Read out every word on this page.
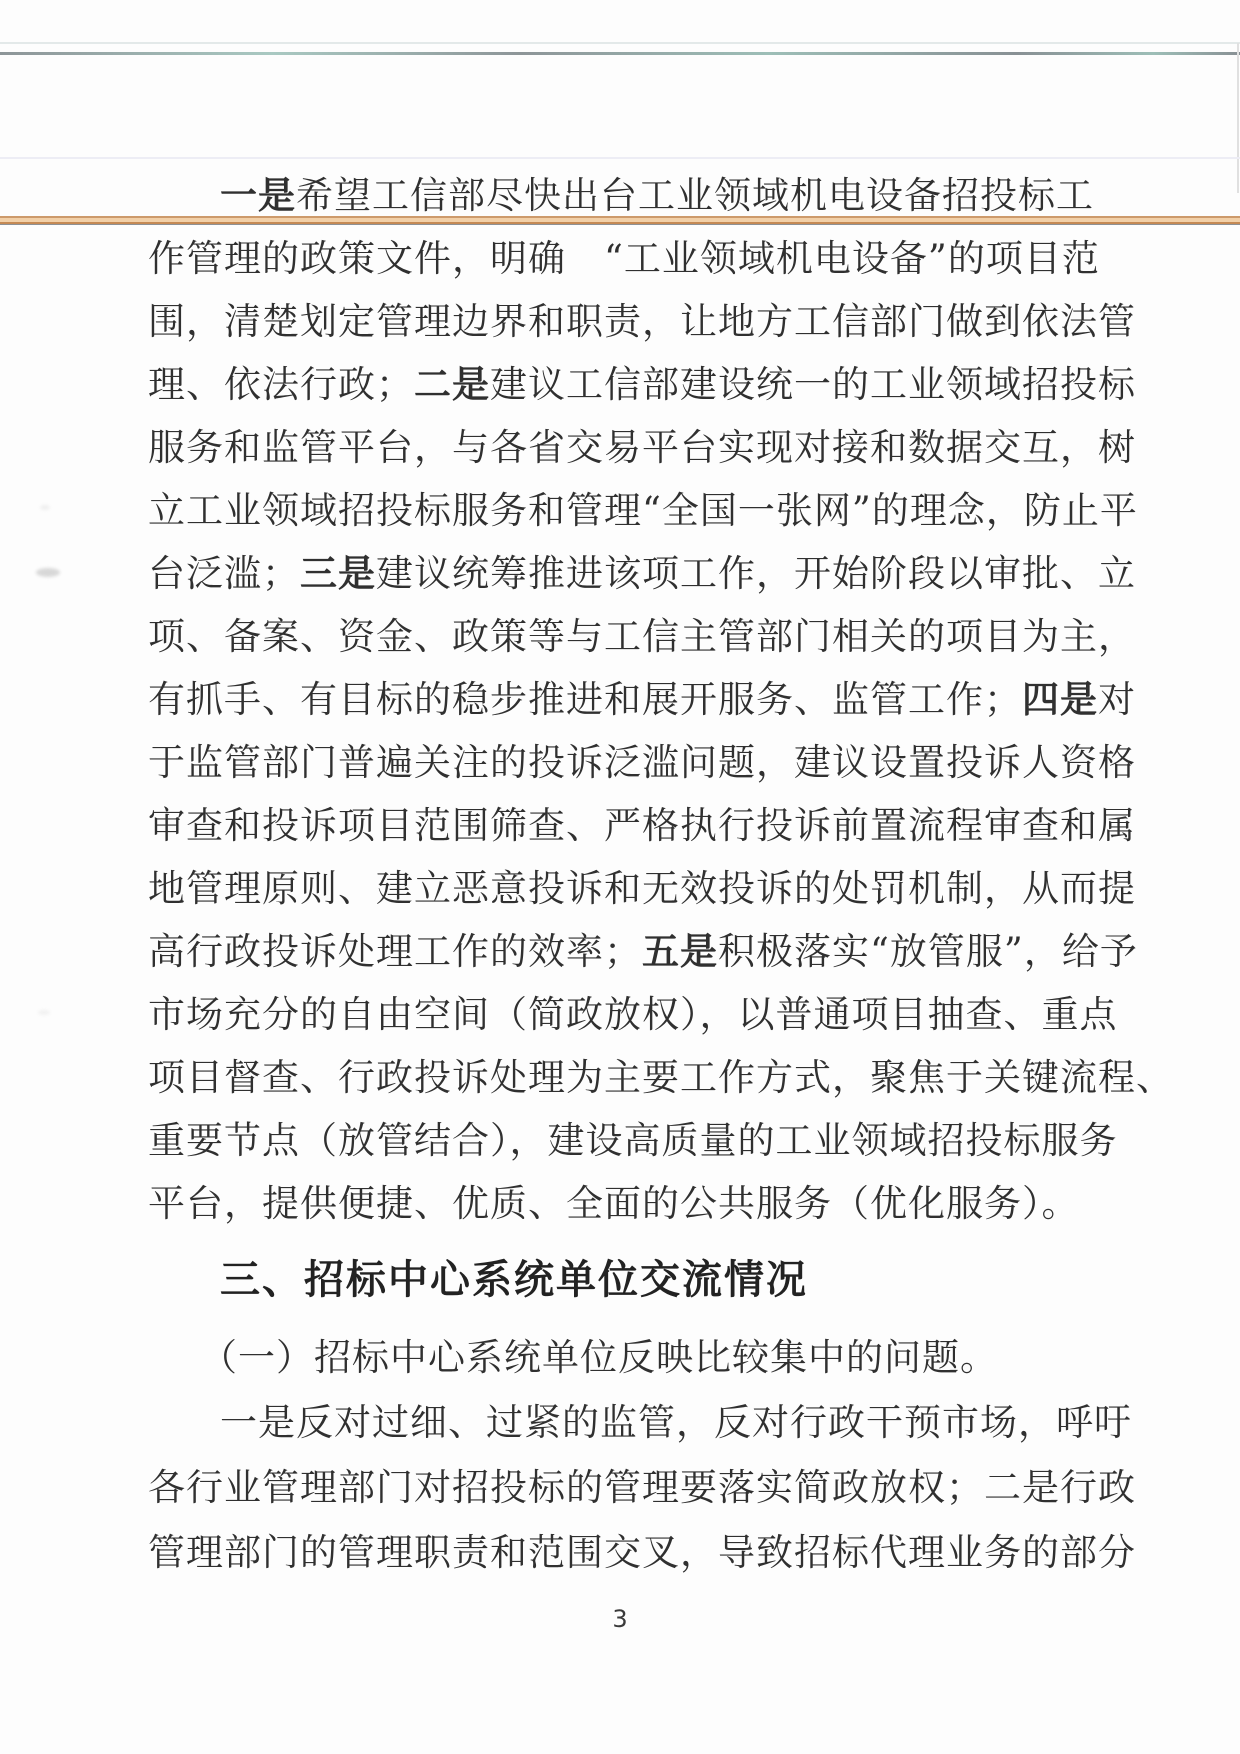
一是 希望工信部尽快出台工业领域机电设备招投标工
作管理的政策文件，明确　“工业领域机电设备”的项目范
围，清楚划定管理边界和职责，让地方工信部门做到依法管
理、依法行政； 二是 建议工信部建设统一的工业领域招投标
服务和监管平台，与各省交易平台实现对接和数据交互，树
立工业领域招投标服务和管理“全国一张网”的理念，防止平
台泛滥； 三是 建议统筹推进该项工作，开始阶段以审批、立
项、备案、资金、政策等与工信主管部门相关的项目为主，
有抓手、有目标的稳步推进和展开服务、监管工作； 四是 对
于监管部门普遍关注的投诉泛滥问题，建议设置投诉人资格
审查和投诉项目范围筛查、严格执行投诉前置流程审查和属
地管理原则、建立恶意投诉和无效投诉的处罚机制，从而提
高行政投诉处理工作的效率； 五是 积极落实“放管服”，给予
市场充分的自由空间（简政放权），以普通项目抽查、重点
项目督查、行政投诉处理为主要工作方式，聚焦于关键流程、
重要节点（放管结合），建设高质量的工业领域招投标服务
平台，提供便捷、优质、全面的公共服务（优化服务）。
三、招标中心系统单位交流情况
（一）招标中心系统单位反映比较集中的问题。
一是 反对过细、过紧的监管，反对行政干预市场，呼吁
各行业管理部门对招投标的管理要落实简政放权； 二是 行政
管理部门的管理职责和范围交叉，导致招标代理业务的部分
3
